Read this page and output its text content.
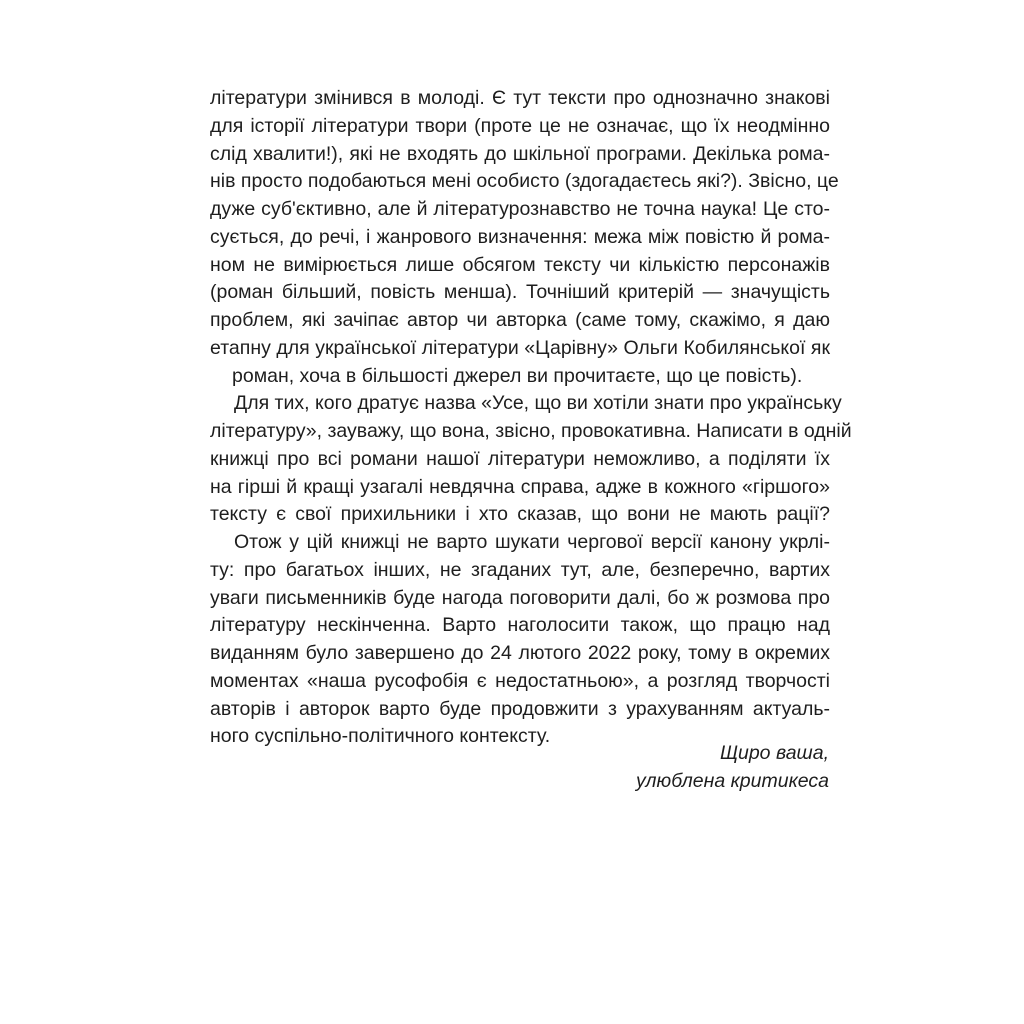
літератури змінився в молоді. Є тут тексти про однозначно знакові
для історії літератури твори (проте це не означає, що їх неодмінно
слід хвалити!), які не входять до шкільної програми. Декілька рома-
нів просто подобаються мені особисто (здогадаєтесь які?). Звісно, це
дуже суб'єктивно, але й літературознавство не точна наука! Це сто-
сується, до речі, і жанрового визначення: межа між повістю й рома-
ном не вимірюється лише обсягом тексту чи кількістю персонажів
(роман більший, повість менша). Точніший критерій — значущість
проблем, які зачіпає автор чи авторка (саме тому, скажімо, я даю
етапну для української літератури «Царівну» Ольги Кобилянської як
роман, хоча в більшості джерел ви прочитаєте, що це повість).

Для тих, кого дратує назва «Усе, що ви хотіли знати про українську
літературу», зауважу, що вона, звісно, провокативна. Написати в одній
книжці про всі романи нашої літератури неможливо, а поділяти їх
на гірші й кращі узагалі невдячна справа, адже в кожного «гіршого»
тексту є свої прихильники і хто сказав, що вони не мають рації?

Отож у цій книжці не варто шукати чергової версії канону укрлі-
ту: про багатьох інших, не згаданих тут, але, безперечно, вартих
уваги письменників буде нагода поговорити далі, бо ж розмова про
літературу нескінченна. Варто наголосити також, що працю над
виданням було завершено до 24 лютого 2022 року, тому в окремих
моментах «наша русофобія є недостатньою», а розгляд творчості
авторів і авторок варто буде продовжити з урахуванням актуаль-
ного суспільно-політичного контексту.

Щиро ваша,
улюблена критикеса
